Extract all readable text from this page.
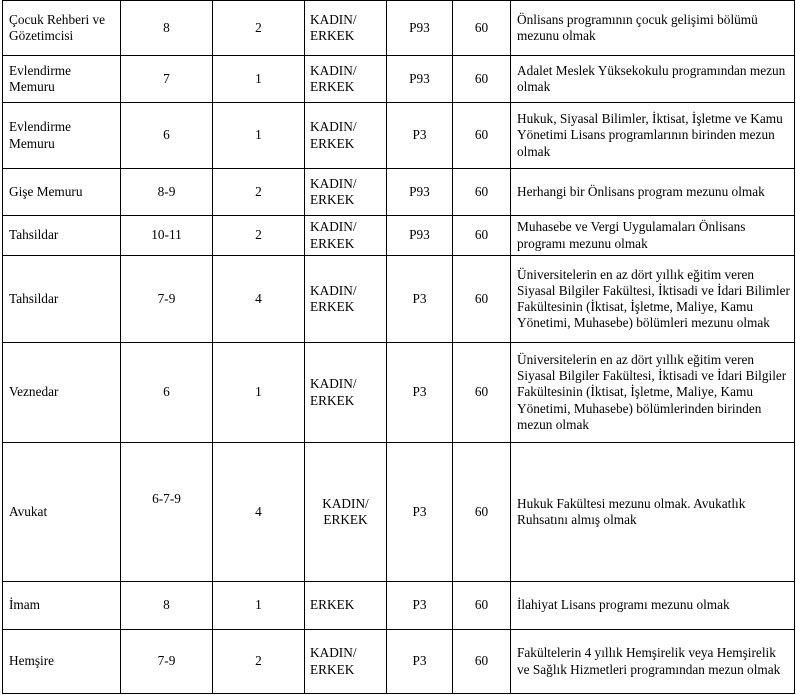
Çocuk Rehberi ve Gözetimcisi	8	2	KADIN/ ERKEK	P93	60	Önlisans programının çocuk gelişimi bölümü mezunu olmak
Evlendirme Memuru	7	1	KADIN/ ERKEK	P93	60	Adalet Meslek Yüksekokulu programından mezun olmak
Evlendirme Memuru	6	1	KADIN/ ERKEK	P3	60	Hukuk, Siyasal Bilimler, İktisat, İşletme ve Kamu Yönetimi Lisans programlarının birinden mezun olmak
Gişe Memuru	8-9	2	KADIN/ ERKEK	P93	60	Herhangi bir Önlisans program mezunu olmak
Tahsildar	10-11	2	KADIN/ ERKEK	P93	60	Muhasebe ve Vergi Uygulamaları Önlisans programı mezunu olmak
Tahsildar	7-9	4	KADIN/ ERKEK	P3	60	Üniversitelerin en az dört yıllık eğitim veren Siyasal Bilgiler Fakültesi, İktisadi ve İdari Bilimler Fakültesinin (İktisat, İşletme, Maliye, Kamu Yönetimi, Muhasebe) bölümleri mezunu olmak
Veznedar	6	1	KADIN/ ERKEK	P3	60	Üniversitelerin en az dört yıllık eğitim veren Siyasal Bilgiler Fakültesi, İktisadi ve İdari Bilgiler Fakültesinin (İktisat, İşletme, Maliye, Kamu Yönetimi, Muhasebe) bölümlerinden birinden mezun olmak
Avukat	6-7-9	4	KADIN/ ERKEK	P3	60	Hukuk Fakültesi mezunu olmak. Avukatlık Ruhsatını almış olmak
İmam	8	1	ERKEK	P3	60	İlahiyat Lisans programı mezunu olmak
Hemşire	7-9	2	KADIN/ ERKEK	P3	60	Fakültelerin 4 yıllık Hemşirelik veya Hemşirelik ve Sağlık Hizmetleri programından mezun olmak
